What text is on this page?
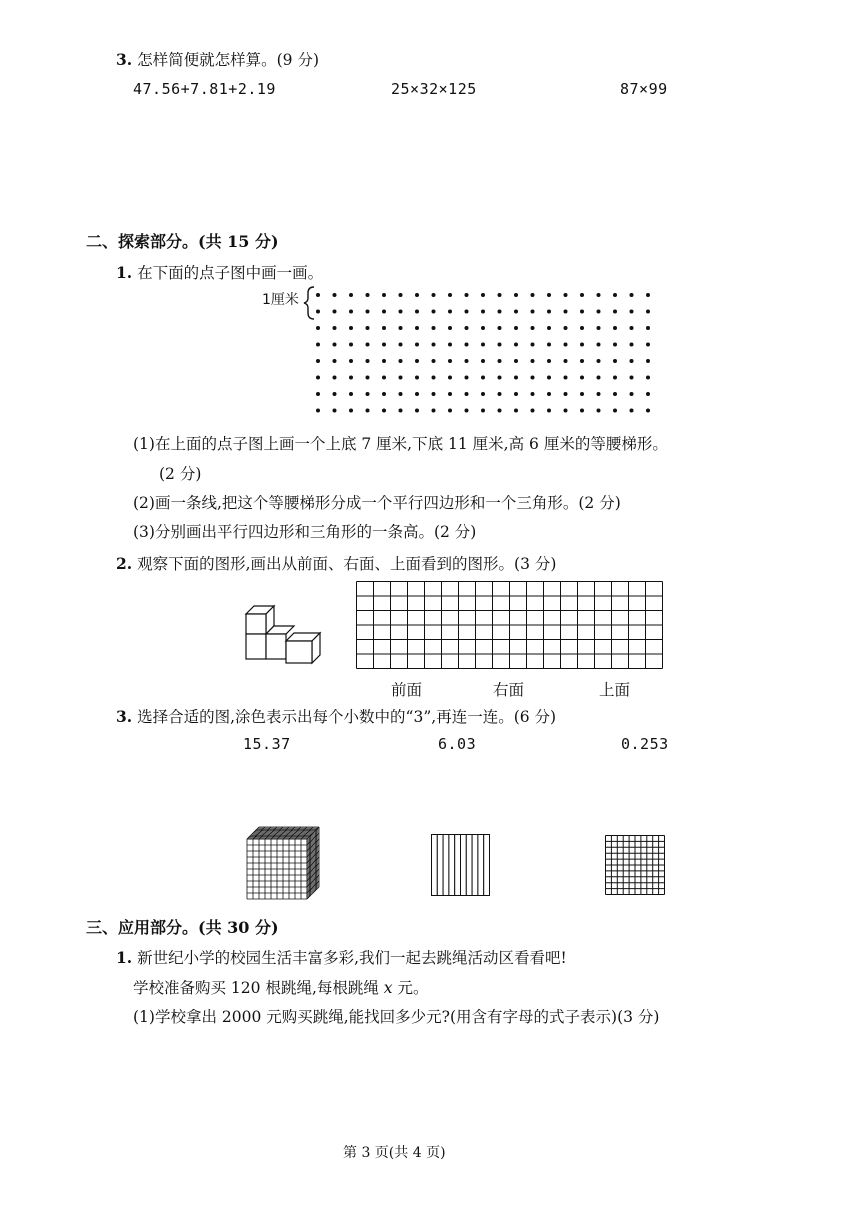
3. 怎样简便就怎样算。(9 分)
47.56+7.81+2.19	25×32×125	87×99
二、探索部分。(共 15 分)
1. 在下面的点子图中画一画。
1厘米
(1)在上面的点子图上画一个上底 7 厘米,下底 11 厘米,高 6 厘米的等腰梯形。
(2 分)
(2)画一条线,把这个等腰梯形分成一个平行四边形和一个三角形。(2 分)
(3)分别画出平行四边形和三角形的一条高。(2 分)
2. 观察下面的图形,画出从前面、右面、上面看到的图形。(3 分)
前面	右面	上面
3. 选择合适的图,涂色表示出每个小数中的“3”,再连一连。(6 分)
15.37	6.03	0.253
三、应用部分。(共 30 分)
1. 新世纪小学的校园生活丰富多彩,我们一起去跳绳活动区看看吧!
学校准备购买 120 根跳绳,每根跳绳 x 元。
(1)学校拿出 2000 元购买跳绳,能找回多少元?(用含有字母的式子表示)(3 分)
第 3 页(共 4 页)
